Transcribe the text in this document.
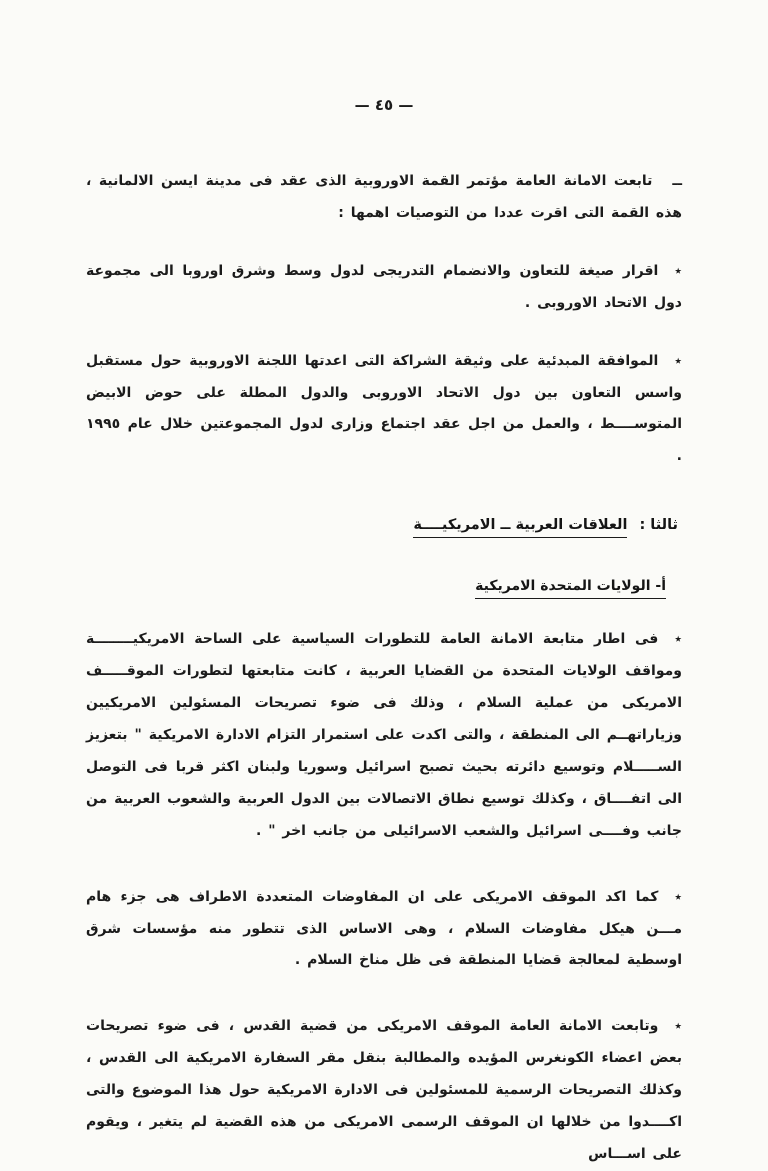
— ٤٥ —
ــتابعت الامانة العامة مؤتمر القمة الاوروبية الذى عقد فى مدينة ايسن الالمانية ، هذه القمة التى اقرت عددا من التوصيات اهمها :
٭اقرار صيغة للتعاون والانضمام التدريجى لدول وسط وشرق اوروبا الى مجموعة دول الاتحاد الاوروبى .
٭الموافقة المبدئية على وثيقة الشراكة التى اعدتها اللجنة الاوروبية حول مستقبل واسس التعاون بين دول الاتحاد الاوروبى والدول المطلة على حوض الابيض المتوســــط ، والعمل من اجل عقد اجتماع وزارى لدول المجموعتين خلال عام ١٩٩٥ .
ثالثا :
العلاقات العربية ــ الامريكيــــة
أ- الولايات المتحدة الامريكية
٭فى اطار متابعة الامانة العامة للتطورات السياسية على الساحة الامريكيــــــــة ومواقف الولايات المتحدة من القضايا العربية ، كانت متابعتها لتطورات الموقـــــف الامريكى من عملية السلام ، وذلك فى ضوء تصريحات المسئولين الامريكيين وزياراتهــم الى المنطقة ، والتى اكدت على استمرار التزام الادارة الامريكية " بتعزيز الســـــلام وتوسيع دائرته بحيث تصبح اسرائيل وسوريا ولبنان اكثر قربا فى التوصل الى اتفــــاق ، وكذلك توسيع نطاق الاتصالات بين الدول العربية والشعوب العربية من جانب وفــــى اسرائيل والشعب الاسرائيلى من جانب اخر " .
٭كما اكد الموقف الامريكى على ان المفاوضات المتعددة الاطراف هى جزء هام مـــن هيكل مفاوضات السلام ، وهى الاساس الذى تتطور منه مؤسسات شرق اوسطية لمعالجة قضايا المنطقة فى ظل مناخ السلام .
٭وتابعت الامانة العامة الموقف الامريكى من قضية القدس ، فى ضوء تصريحات بعض اعضاء الكونغرس المؤيده والمطالبة بنقل مقر السفارة الامريكية الى القدس ، وكذلك التصريحات الرسمية للمسئولين فى الادارة الامريكية حول هذا الموضوع والتى اكــــدوا من خلالها ان الموقف الرسمى الامريكى من هذه القضية لم يتغير ، ويقوم على اســـاس
